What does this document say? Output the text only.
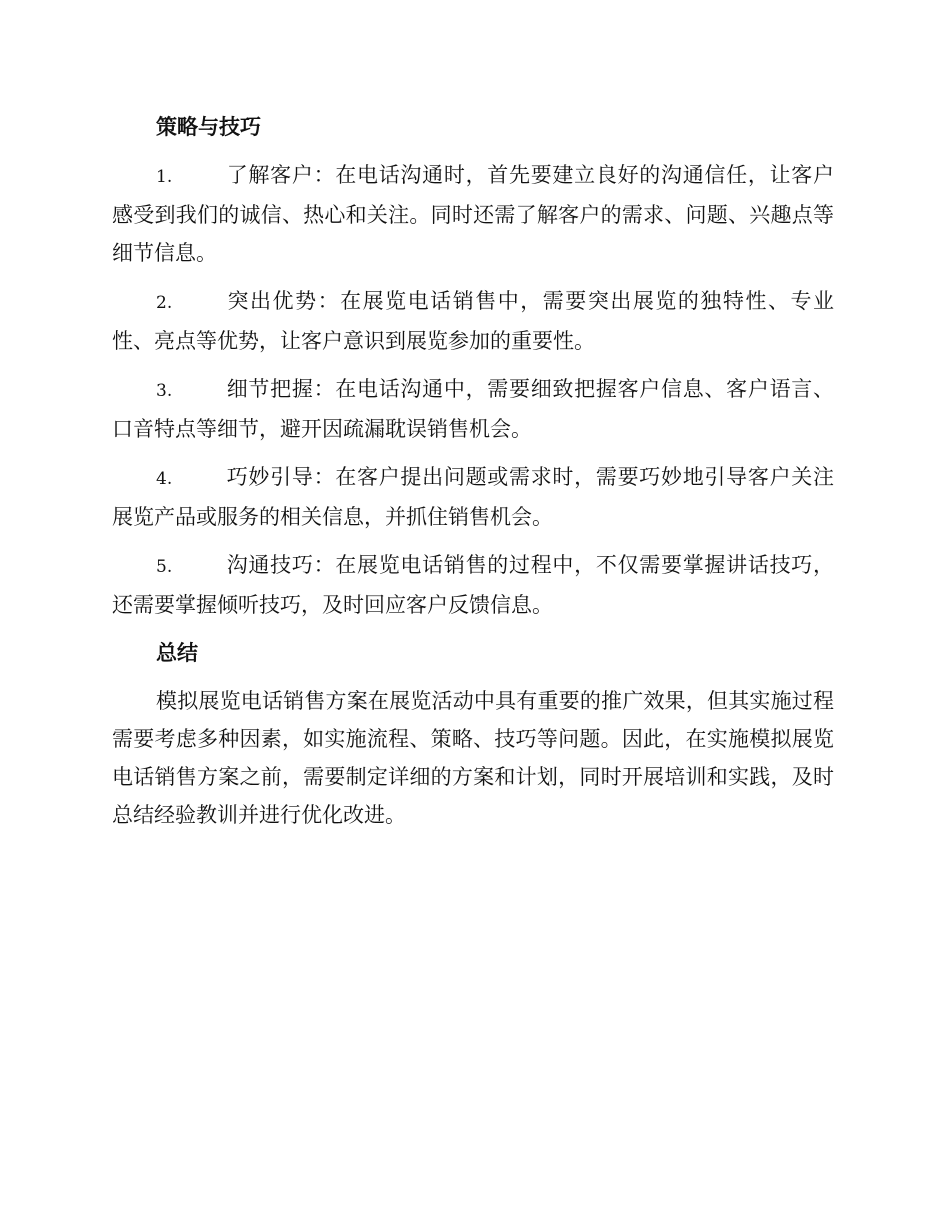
策略与技巧
1.	了解客户：在电话沟通时，首先要建立良好的沟通信任，让客户感受到我们的诚信、热心和关注。同时还需了解客户的需求、问题、兴趣点等细节信息。
2.	突出优势：在展览电话销售中，需要突出展览的独特性、专业性、亮点等优势，让客户意识到展览参加的重要性。
3.	细节把握：在电话沟通中，需要细致把握客户信息、客户语言、口音特点等细节，避开因疏漏耽误销售机会。
4.	巧妙引导：在客户提出问题或需求时，需要巧妙地引导客户关注展览产品或服务的相关信息，并抓住销售机会。
5.	沟通技巧：在展览电话销售的过程中，不仅需要掌握讲话技巧，还需要掌握倾听技巧，及时回应客户反馈信息。
总结

模拟展览电话销售方案在展览活动中具有重要的推广效果，但其实施过程需要考虑多种因素，如实施流程、策略、技巧等问题。因此，在实施模拟展览电话销售方案之前，需要制定详细的方案和计划，同时开展培训和实践，及时总结经验教训并进行优化改进。
